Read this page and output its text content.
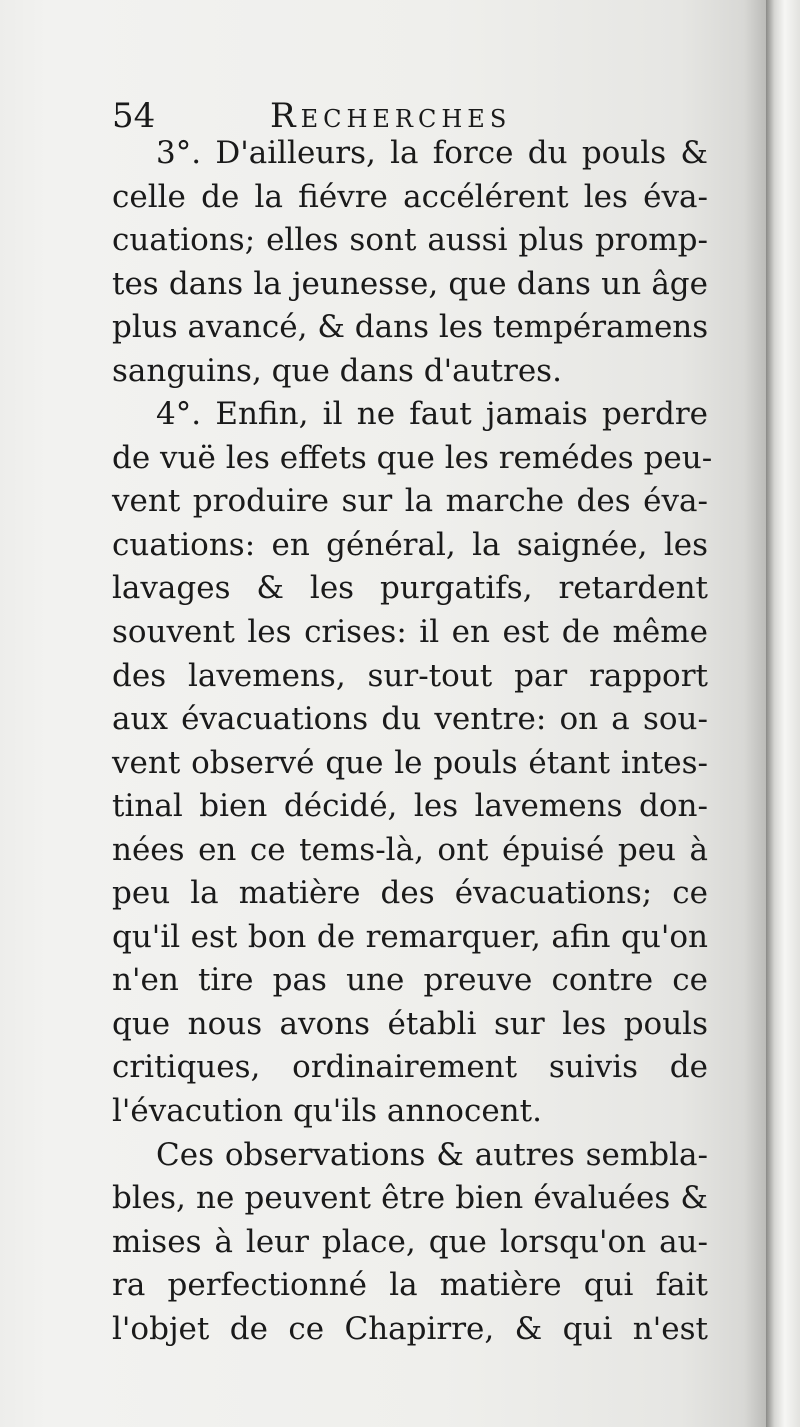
54	Recherches
3°. D'ailleurs, la force du pouls &
celle de la fiévre accélérent les éva-
cuations; elles sont aussi plus promp-
tes dans la jeunesse, que dans un âge
plus avancé, & dans les tempéramens
sanguins, que dans d'autres.
4°. Enfin, il ne faut jamais perdre
de vuë les effets que les remédes peu-
vent produire sur la marche des éva-
cuations: en général, la saignée, les
lavages & les purgatifs, retardent
souvent les crises: il en est de même
des lavemens, sur-tout par rapport
aux évacuations du ventre: on a sou-
vent observé que le pouls étant intes-
tinal bien décidé, les lavemens don-
nées en ce tems-là, ont épuisé peu à
peu la matière des évacuations; ce
qu'il est bon de remarquer, afin qu'on
n'en tire pas une preuve contre ce
que nous avons établi sur les pouls
critiques, ordinairement suivis de
l'évacution qu'ils annocent.
Ces observations & autres sembla-
bles, ne peuvent être bien évaluées &
mises à leur place, que lorsqu'on au-
ra perfectionné la matière qui fait
l'objet de ce Chapirre, & qui n'est
